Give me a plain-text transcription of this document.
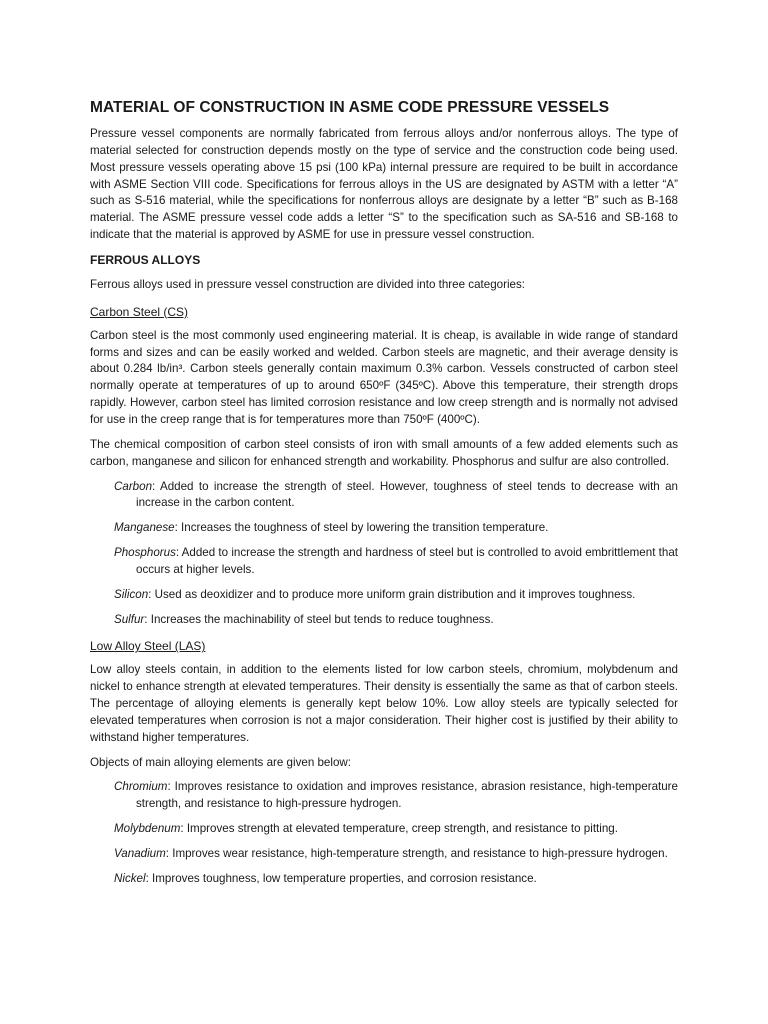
MATERIAL OF CONSTRUCTION IN ASME CODE PRESSURE VESSELS

Pressure vessel components are normally fabricated from ferrous alloys and/or nonferrous alloys. The type of material selected for construction depends mostly on the type of service and the construction code being used. Most pressure vessels operating above 15 psi (100 kPa) internal pressure are required to be built in accordance with ASME Section VIII code. Specifications for ferrous alloys in the US are designated by ASTM with a letter “A” such as S-516 material, while the specifications for nonferrous alloys are designate by a letter “B” such as B-168 material. The ASME pressure vessel code adds a letter “S” to the specification such as SA-516 and SB-168 to indicate that the material is approved by ASME for use in pressure vessel construction.

FERROUS ALLOYS

Ferrous alloys used in pressure vessel construction are divided into three categories:

Carbon Steel (CS)

Carbon steel is the most commonly used engineering material. It is cheap, is available in wide range of standard forms and sizes and can be easily worked and welded. Carbon steels are magnetic, and their average density is about 0.284 lb/in³. Carbon steels generally contain maximum 0.3% carbon. Vessels constructed of carbon steel normally operate at temperatures of up to around 650ºF (345ºC). Above this temperature, their strength drops rapidly. However, carbon steel has limited corrosion resistance and low creep strength and is normally not advised for use in the creep range that is for temperatures more than 750ºF (400ºC).

The chemical composition of carbon steel consists of iron with small amounts of a few added elements such as carbon, manganese and silicon for enhanced strength and workability. Phosphorus and sulfur are also controlled.

Carbon: Added to increase the strength of steel. However, toughness of steel tends to decrease with an increase in the carbon content.
Manganese: Increases the toughness of steel by lowering the transition temperature.
Phosphorus: Added to increase the strength and hardness of steel but is controlled to avoid embrittlement that occurs at higher levels.
Silicon: Used as deoxidizer and to produce more uniform grain distribution and it improves toughness.
Sulfur: Increases the machinability of steel but tends to reduce toughness.
Low Alloy Steel (LAS)

Low alloy steels contain, in addition to the elements listed for low carbon steels, chromium, molybdenum and nickel to enhance strength at elevated temperatures. Their density is essentially the same as that of carbon steels. The percentage of alloying elements is generally kept below 10%. Low alloy steels are typically selected for elevated temperatures when corrosion is not a major consideration. Their higher cost is justified by their ability to withstand higher temperatures.

Objects of main alloying elements are given below:

Chromium: Improves resistance to oxidation and improves resistance, abrasion resistance, high-temperature strength, and resistance to high-pressure hydrogen.
Molybdenum: Improves strength at elevated temperature, creep strength, and resistance to pitting.
Vanadium: Improves wear resistance, high-temperature strength, and resistance to high-pressure hydrogen.
Nickel: Improves toughness, low temperature properties, and corrosion resistance.
